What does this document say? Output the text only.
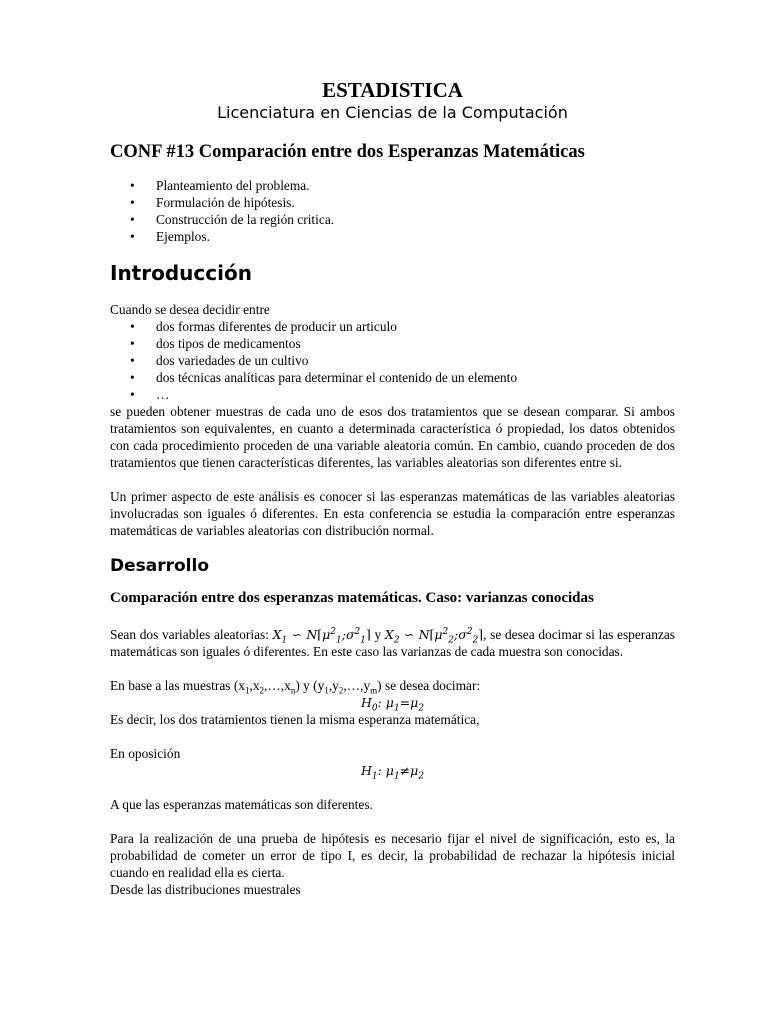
ESTADISTICA
Licenciatura en Ciencias de la Computación
CONF #13 Comparación entre dos Esperanzas Matemáticas
• Planteamiento del problema.
• Formulación de hipótesis.
• Construcción de la región critica.
• Ejemplos.
Introducción

Cuando se desea decidir entre

• dos formas diferentes de producir un articulo
• dos tipos de medicamentos
• dos variedades de un cultivo
• dos técnicas analíticas para determinar el contenido de un elemento
• …

se pueden obtener muestras de cada uno de esos dos tratamientos que se desean comparar. Si ambos tratamientos son equivalentes, en cuanto a determinada característica ó propiedad, los datos obtenidos con cada procedimiento proceden de una variable aleatoria común. En cambio, cuando proceden de dos tratamientos que tienen características diferentes, las variables aleatorias son diferentes entre si.

Un primer aspecto de este análisis es conocer si las esperanzas matemáticas de las variables aleatorias involucradas son iguales ó diferentes. En esta conferencia se estudia la comparación entre esperanzas matemáticas de variables aleatorias con distribución normal.

Desarrollo
Comparación entre dos esperanzas matemáticas. Caso: varianzas conocidas

Sean dos variables aleatorias: $X_1$ ∽ $N⌈\mu^2_1;\sigma^2_1⌉$ y $X_2$ ∽ $N⌈\mu^2_2;\sigma^2_2⌉$, se desea docimar si las esperanzas matemáticas son iguales ó diferentes. En este caso las varianzas de cada muestra son conocidas.

En base a las muestras $(x_1,x_2,\dots,x_n)$ y $(y_1,y_2,\dots,y_m)$ se desea docimar:

$H_0$: $\mu_1=\mu_2$

Es decir, los dos tratamientos tienen la misma esperanza matemática,

En oposición

$H_1$: $\mu_1\ne\mu_2$

A que las esperanzas matemáticas son diferentes.

Para la realización de una prueba de hipótesis es necesario fijar el nivel de significación, esto es, la probabilidad de cometer un error de tipo I, es decir, la probabilidad de rechazar la hipótesis inicial cuando en realidad ella es cierta.

Desde las distribuciones muestrales
